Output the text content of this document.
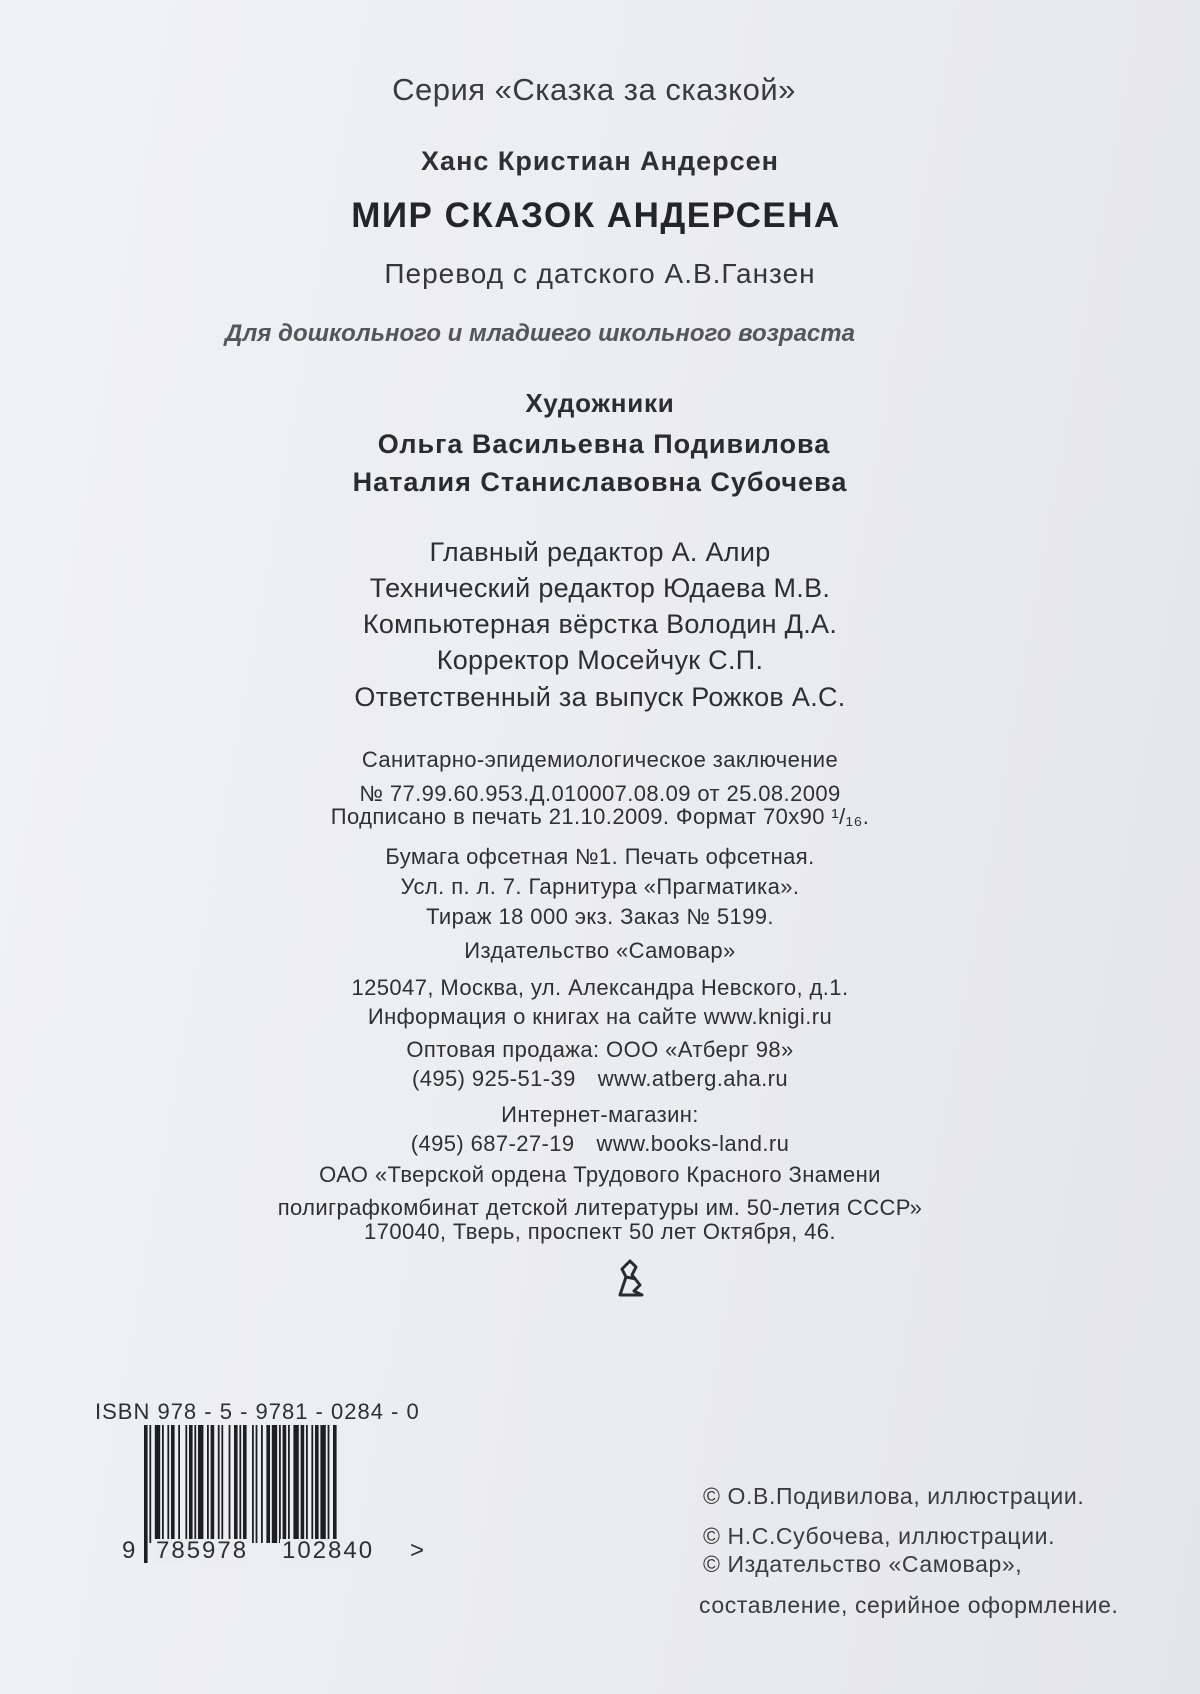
Серия «Сказка за сказкой»
Ханс Кристиан Андерсен
МИР СКАЗОК АНДЕРСЕНА
Перевод с датского А.В.Ганзен
Для дошкольного и младшего школьного возраста
Художники
Ольга Васильевна Подивилова
Наталия Станиславовна Субочева
Главный редактор А. Алир
Технический редактор Юдаева М.В.
Компьютерная вёрстка Володин Д.А.
Корректор Мосейчук С.П.
Ответственный за выпуск Рожков А.С.
Санитарно-эпидемиологическое заключение
№ 77.99.60.953.Д.010007.08.09 от 25.08.2009
Подписано в печать 21.10.2009. Формат 70х90 ¹/₁₆.
Бумага офсетная №1. Печать офсетная.
Усл. п. л. 7. Гарнитура «Прагматика».
Тираж 18 000 экз. Заказ № 5199.
Издательство «Самовар»
125047, Москва, ул. Александра Невского, д.1.
Информация о книгах на сайте www.knigi.ru
Оптовая продажа: ООО «Атберг 98»
(495) 925-51-39 www.atberg.aha.ru
Интернет-магазин:
(495) 687-27-19 www.books-land.ru
ОАО «Тверской ордена Трудового Красного Знамени
полиграфкомбинат детской литературы им. 50-летия СССР»
170040, Тверь, проспект 50 лет Октября, 46.
ISBN 978 - 5 - 9781 - 0284 - 0
9 785978 102840 >
© О.В.Подивилова, иллюстрации.
© Н.С.Субочева, иллюстрации.
© Издательство «Самовар»,
составление, серийное оформление.
